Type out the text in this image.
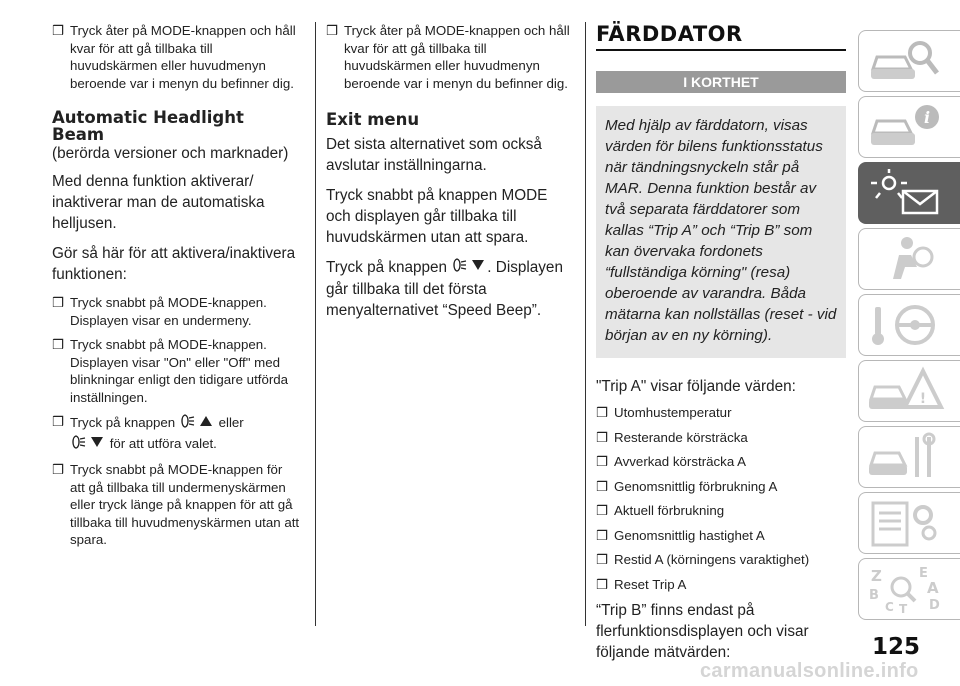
❒ Tryck åter på MODE-knappen och håll kvar för att gå tillbaka till huvudskärmen eller huvudmenyn beroende var i menyn du befinner dig.
Automatic Headlight Beam
(berörda versioner och marknader)
Med denna funktion aktiverar/ inaktiverar man de automatiska helljusen.
Gör så här för att aktivera/inaktivera funktionen:
❒ Tryck snabbt på MODE-knappen. Displayen visar en undermeny.
❒ Tryck snabbt på MODE-knappen. Displayen visar "On" eller "Off" med blinkningar enligt den tidigare utförda inställningen.
❒ Tryck på knappen	eller
för att utföra valet.
❒ Tryck snabbt på MODE-knappen för att gå tillbaka till undermenyskärmen eller tryck länge på knappen för att gå tillbaka till huvudmenyskärmen utan att spara.
❒ Tryck åter på MODE-knappen och håll kvar för att gå tillbaka till huvudskärmen eller huvudmenyn beroende var i menyn du befinner dig.
Exit menu
Det sista alternativet som också avslutar inställningarna.
Tryck snabbt på knappen MODE och displayen går tillbaka till huvudskärmen utan att spara.
Tryck på knappen	. Displayen går tillbaka till det första menyalternativet “Speed Beep”.
FÄRDDATOR
I KORTHET
Med hjälp av färddatorn, visas värden för bilens funktionsstatus när tändningsnyckeln står på MAR. Denna funktion består av två separata färddatorer som kallas “Trip A” och “Trip B” som kan övervaka fordonets “fullständiga körning" (resa) oberoende av varandra. Båda mätarna kan nollställas (reset - vid början av en ny körning).
"Trip A" visar följande värden:
❒ Utomhustemperatur
❒ Resterande körsträcka
❒ Avverkad körsträcka A
❒ Genomsnittlig förbrukning A
❒ Aktuell förbrukning
❒ Genomsnittlig hastighet A
❒ Restid A (körningens varaktighet)
❒ Reset Trip A
“Trip B” finns endast på flerfunktionsdisplayen och visar följande mätvärden:
i
!
Z	E
A
B
C T D
125
carmanualsonline.info
